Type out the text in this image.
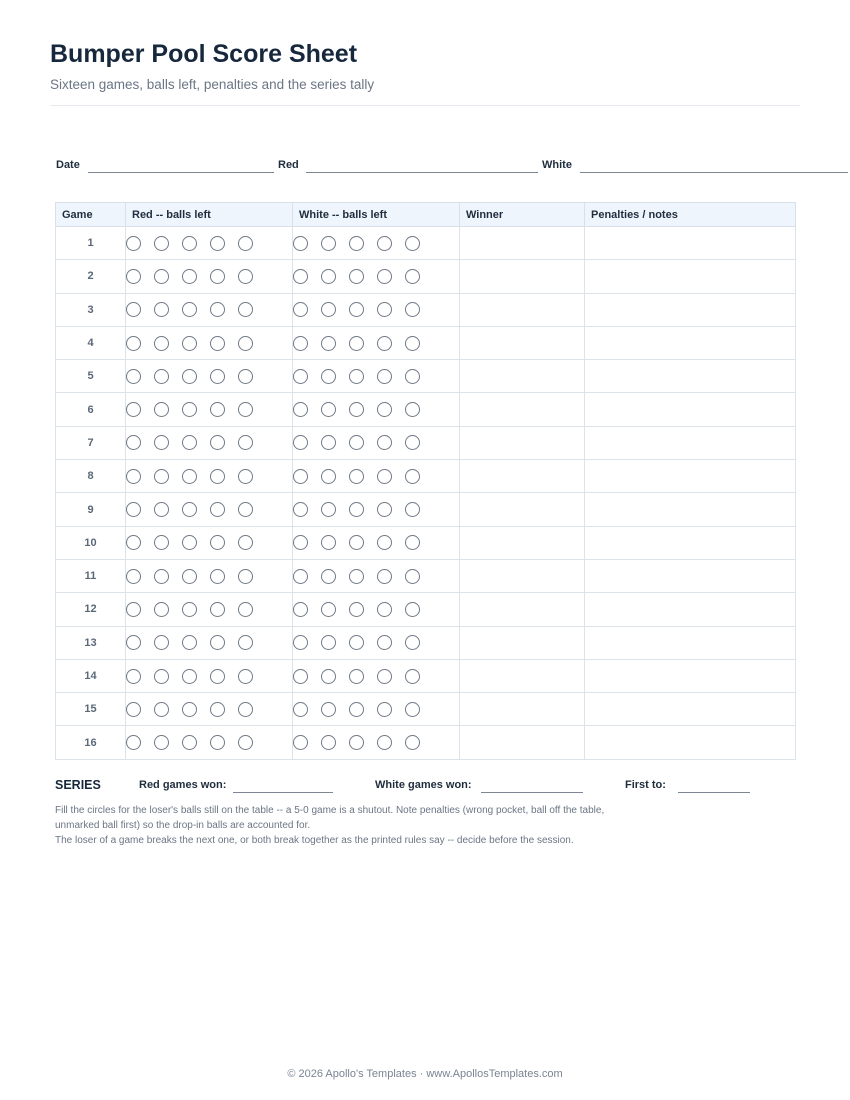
Bumper Pool Score Sheet

Sixteen games, balls left, penalties and the series tally

Date	Red	White
Game	Red -- balls left	White -- balls left	Winner	Penalties / notes
1				
2				
3				
4				
5				
6				
7				
8				
9				
10				
11				
12				
13				
14				
15				
16				
SERIES	Red games won:	White games won:	First to:

Fill the circles for the loser's balls still on the table -- a 5-0 game is a shutout. Note penalties (wrong pocket, ball off the table, unmarked ball first) so the drop-in balls are accounted for.

The loser of a game breaks the next one, or both break together as the printed rules say -- decide before the session.

© 2026 Apollo's Templates · www.ApollosTemplates.com
